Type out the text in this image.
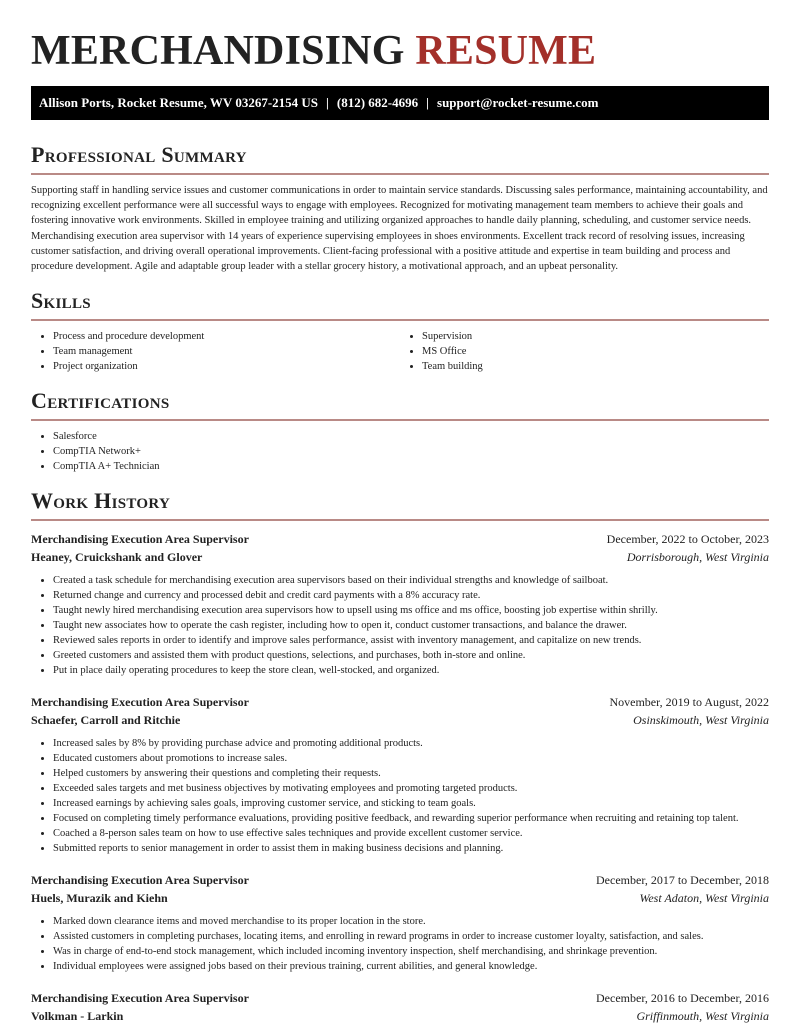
MERCHANDISING RESUME
Allison Ports, Rocket Resume, WV 03267-2154 US | (812) 682-4696 | support@rocket-resume.com
Professional Summary

Supporting staff in handling service issues and customer communications in order to maintain service standards. Discussing sales performance, maintaining accountability, and recognizing excellent performance were all successful ways to engage with employees. Recognized for motivating management team members to achieve their goals and fostering innovative work environments. Skilled in employee training and utilizing organized approaches to handle daily planning, scheduling, and customer service needs. Merchandising execution area supervisor with 14 years of experience supervising employees in shoes environments. Excellent track record of resolving issues, increasing customer satisfaction, and driving overall operational improvements. Client-facing professional with a positive attitude and expertise in team building and process and procedure development. Agile and adaptable group leader with a stellar grocery history, a motivational approach, and an upbeat personality.

Skills
• Process and procedure development
• Team management
• Project organization
• Supervision
• MS Office
• Team building
Certifications
• Salesforce
• CompTIA Network+
• CompTIA A+ Technician
Work History
Merchandising Execution Area Supervisor	December, 2022 to October, 2023
Heaney, Cruickshank and Glover	Dorrisborough, West Virginia
• Created a task schedule for merchandising execution area supervisors based on their individual strengths and knowledge of sailboat.
• Returned change and currency and processed debit and credit card payments with a 8% accuracy rate.
• Taught newly hired merchandising execution area supervisors how to upsell using ms office and ms office, boosting job expertise within shrilly.
• Taught new associates how to operate the cash register, including how to open it, conduct customer transactions, and balance the drawer.
• Reviewed sales reports in order to identify and improve sales performance, assist with inventory management, and capitalize on new trends.
• Greeted customers and assisted them with product questions, selections, and purchases, both in-store and online.
• Put in place daily operating procedures to keep the store clean, well-stocked, and organized.
Merchandising Execution Area Supervisor	November, 2019 to August, 2022
Schaefer, Carroll and Ritchie	Osinskimouth, West Virginia
• Increased sales by 8% by providing purchase advice and promoting additional products.
• Educated customers about promotions to increase sales.
• Helped customers by answering their questions and completing their requests.
• Exceeded sales targets and met business objectives by motivating employees and promoting targeted products.
• Increased earnings by achieving sales goals, improving customer service, and sticking to team goals.
• Focused on completing timely performance evaluations, providing positive feedback, and rewarding superior performance when recruiting and retaining top talent.
• Coached a 8-person sales team on how to use effective sales techniques and provide excellent customer service.
• Submitted reports to senior management in order to assist them in making business decisions and planning.
Merchandising Execution Area Supervisor	December, 2017 to December, 2018
Huels, Murazik and Kiehn	West Adaton, West Virginia
• Marked down clearance items and moved merchandise to its proper location in the store.
• Assisted customers in completing purchases, locating items, and enrolling in reward programs in order to increase customer loyalty, satisfaction, and sales.
• Was in charge of end-to-end stock management, which included incoming inventory inspection, shelf merchandising, and shrinkage prevention.
• Individual employees were assigned jobs based on their previous training, current abilities, and general knowledge.
Merchandising Execution Area Supervisor	December, 2016 to December, 2016
Volkman - Larkin	Griffinmouth, West Virginia
